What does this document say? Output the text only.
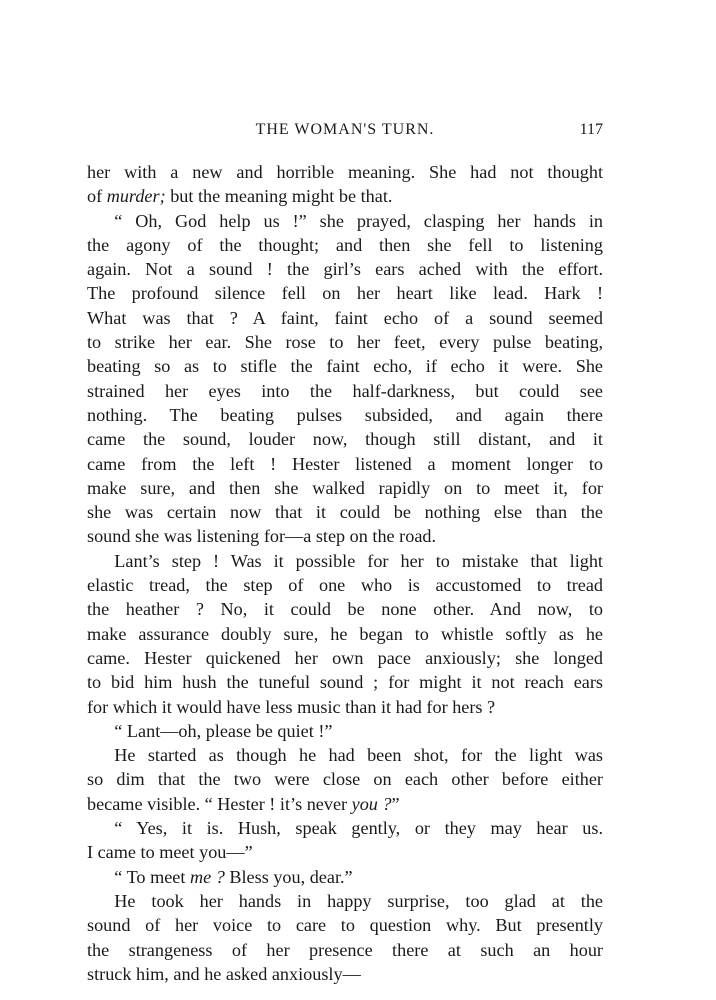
THE WOMAN'S TURN.	117

her with a new and horrible meaning. She had not thought
of murder; but the meaning might be that.

“ Oh, God help us !” she prayed, clasping her hands in
the agony of the thought; and then she fell to listening
again. Not a sound ! the girl’s ears ached with the effort.
The profound silence fell on her heart like lead. Hark !
What was that ? A faint, faint echo of a sound seemed
to strike her ear. She rose to her feet, every pulse beating,
beating so as to stifle the faint echo, if echo it were. She
strained her eyes into the half-darkness, but could see
nothing. The beating pulses subsided, and again there
came the sound, louder now, though still distant, and it
came from the left ! Hester listened a moment longer to
make sure, and then she walked rapidly on to meet it, for
she was certain now that it could be nothing else than the
sound she was listening for—a step on the road.

Lant’s step ! Was it possible for her to mistake that light
elastic tread, the step of one who is accustomed to tread
the heather ? No, it could be none other. And now, to
make assurance doubly sure, he began to whistle softly as he
came. Hester quickened her own pace anxiously; she longed
to bid him hush the tuneful sound ; for might it not reach ears
for which it would have less music than it had for hers ?

“ Lant—oh, please be quiet !”

He started as though he had been shot, for the light was
so dim that the two were close on each other before either
became visible. “ Hester ! it’s never you ?”

“ Yes, it is. Hush, speak gently, or they may hear us.
I came to meet you—”

“ To meet me ? Bless you, dear.”

He took her hands in happy surprise, too glad at the
sound of her voice to care to question why. But presently
the strangeness of her presence there at such an hour
struck him, and he asked anxiously—
